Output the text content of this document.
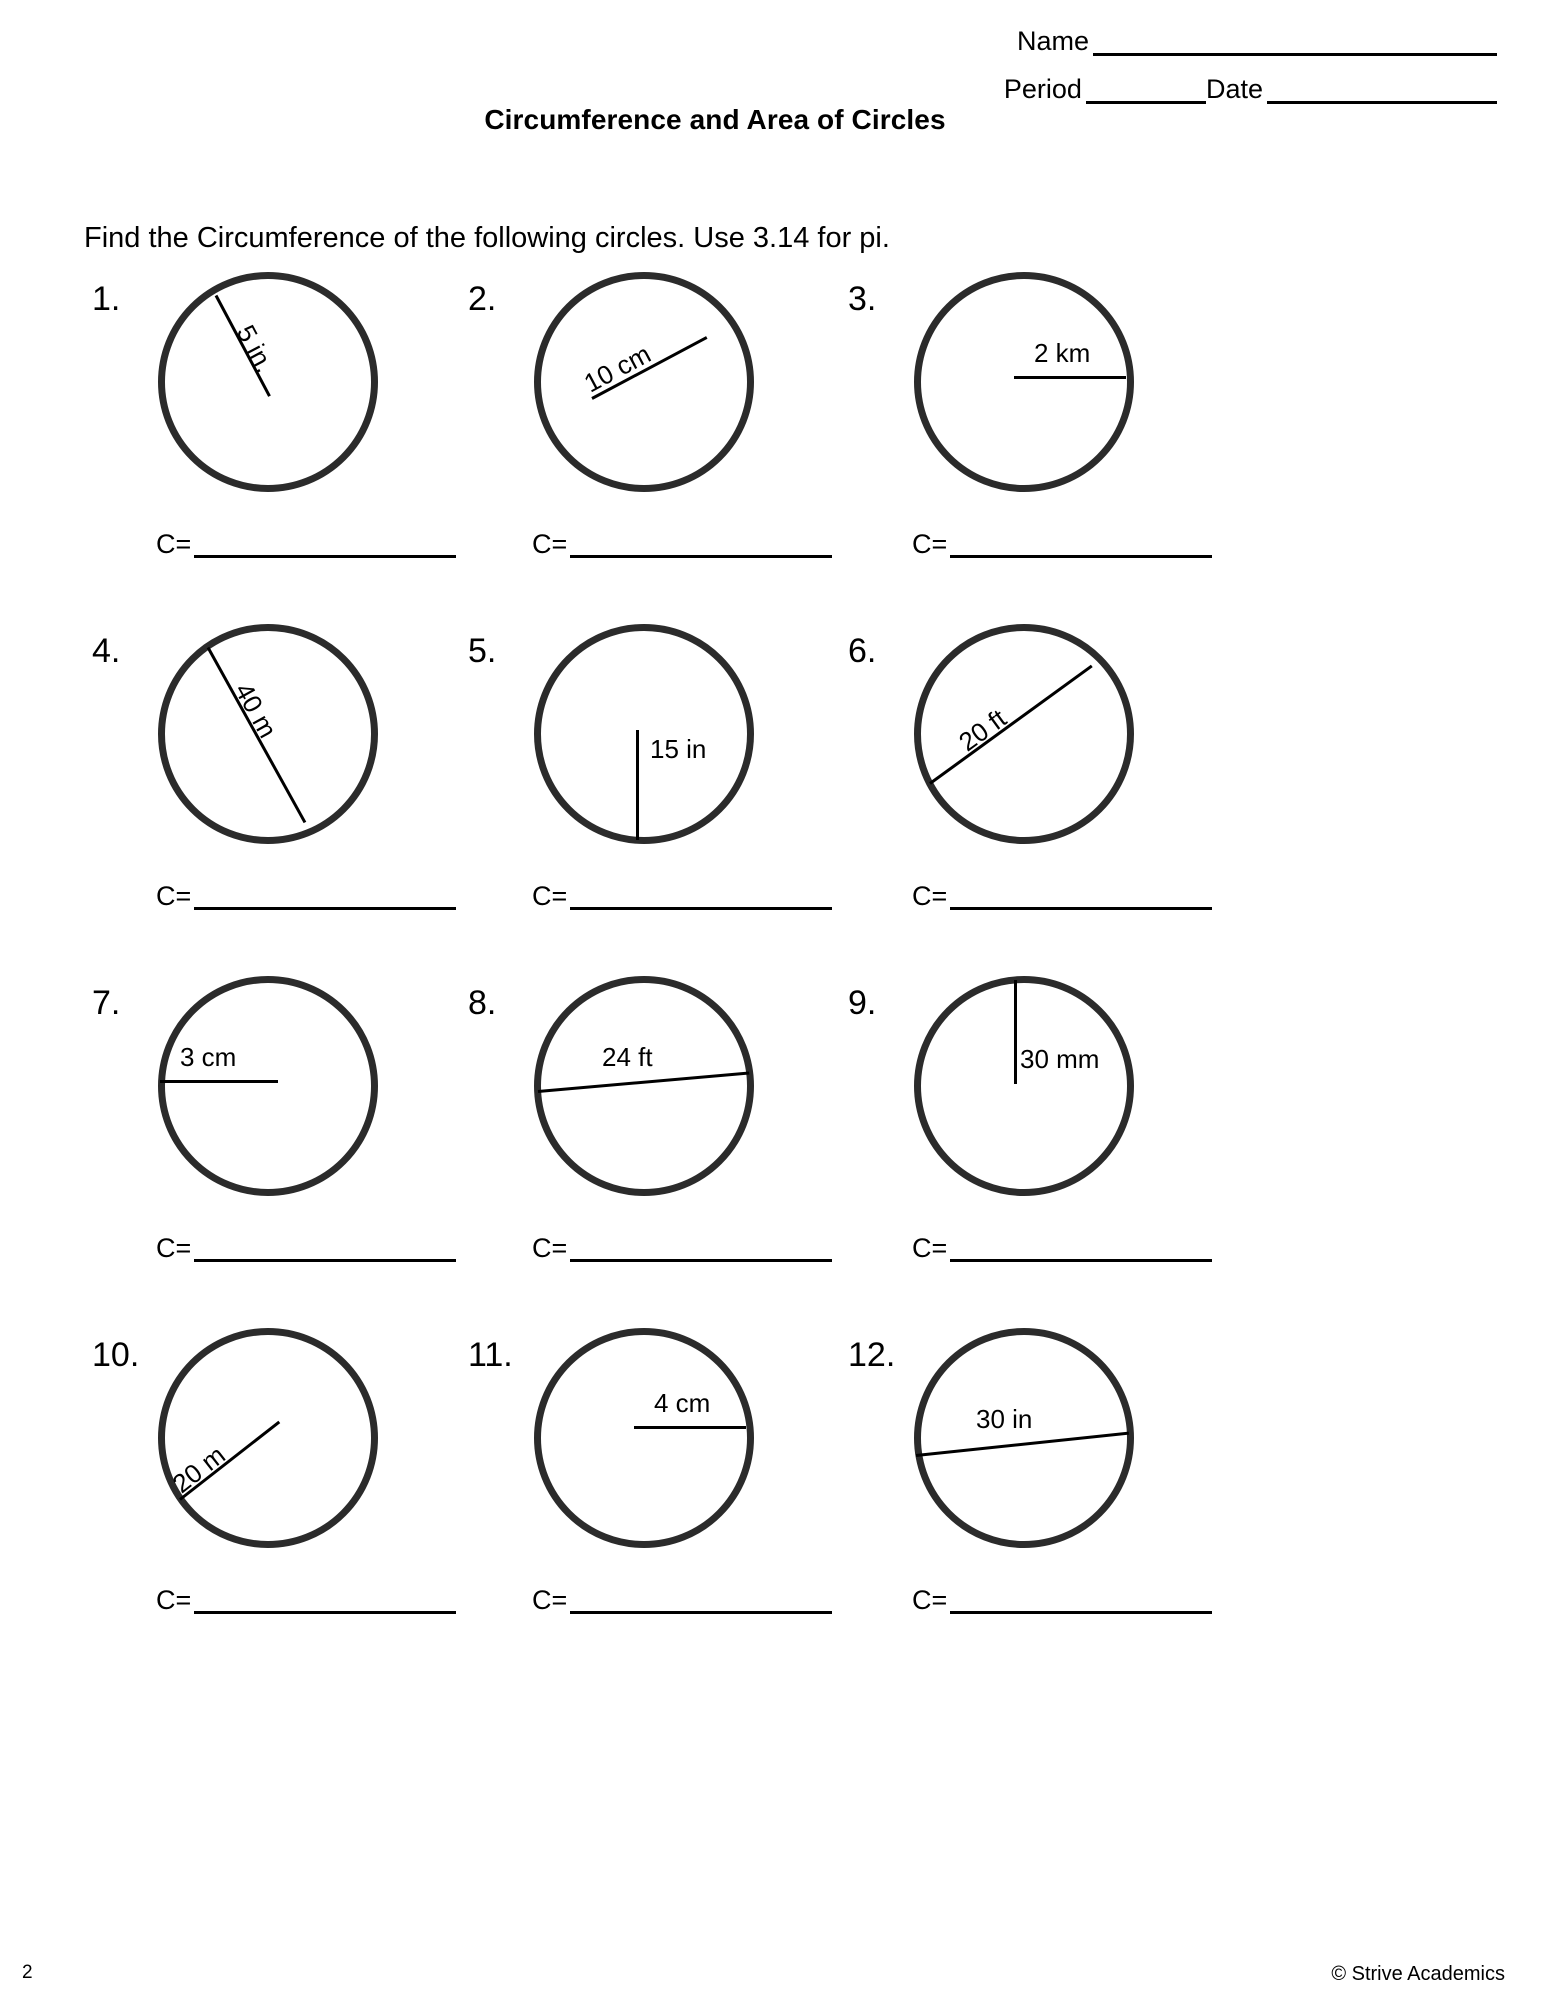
Name
Period	Date
Circumference and Area of Circles
Find the Circumference of the following circles. Use 3.14 for pi.
1.
5 in.
C=
2.
10 cm
C=
3.
2 km
C=
4.
40 m
C=
5.
15 in
C=
6.
20 ft
C=
7.
3 cm
C=
8.
24 ft
C=
9.
30 mm
C=
10.
20 m
C=
11.
4 cm
C=
12.
30 in
C=
2	© Strive Academics
